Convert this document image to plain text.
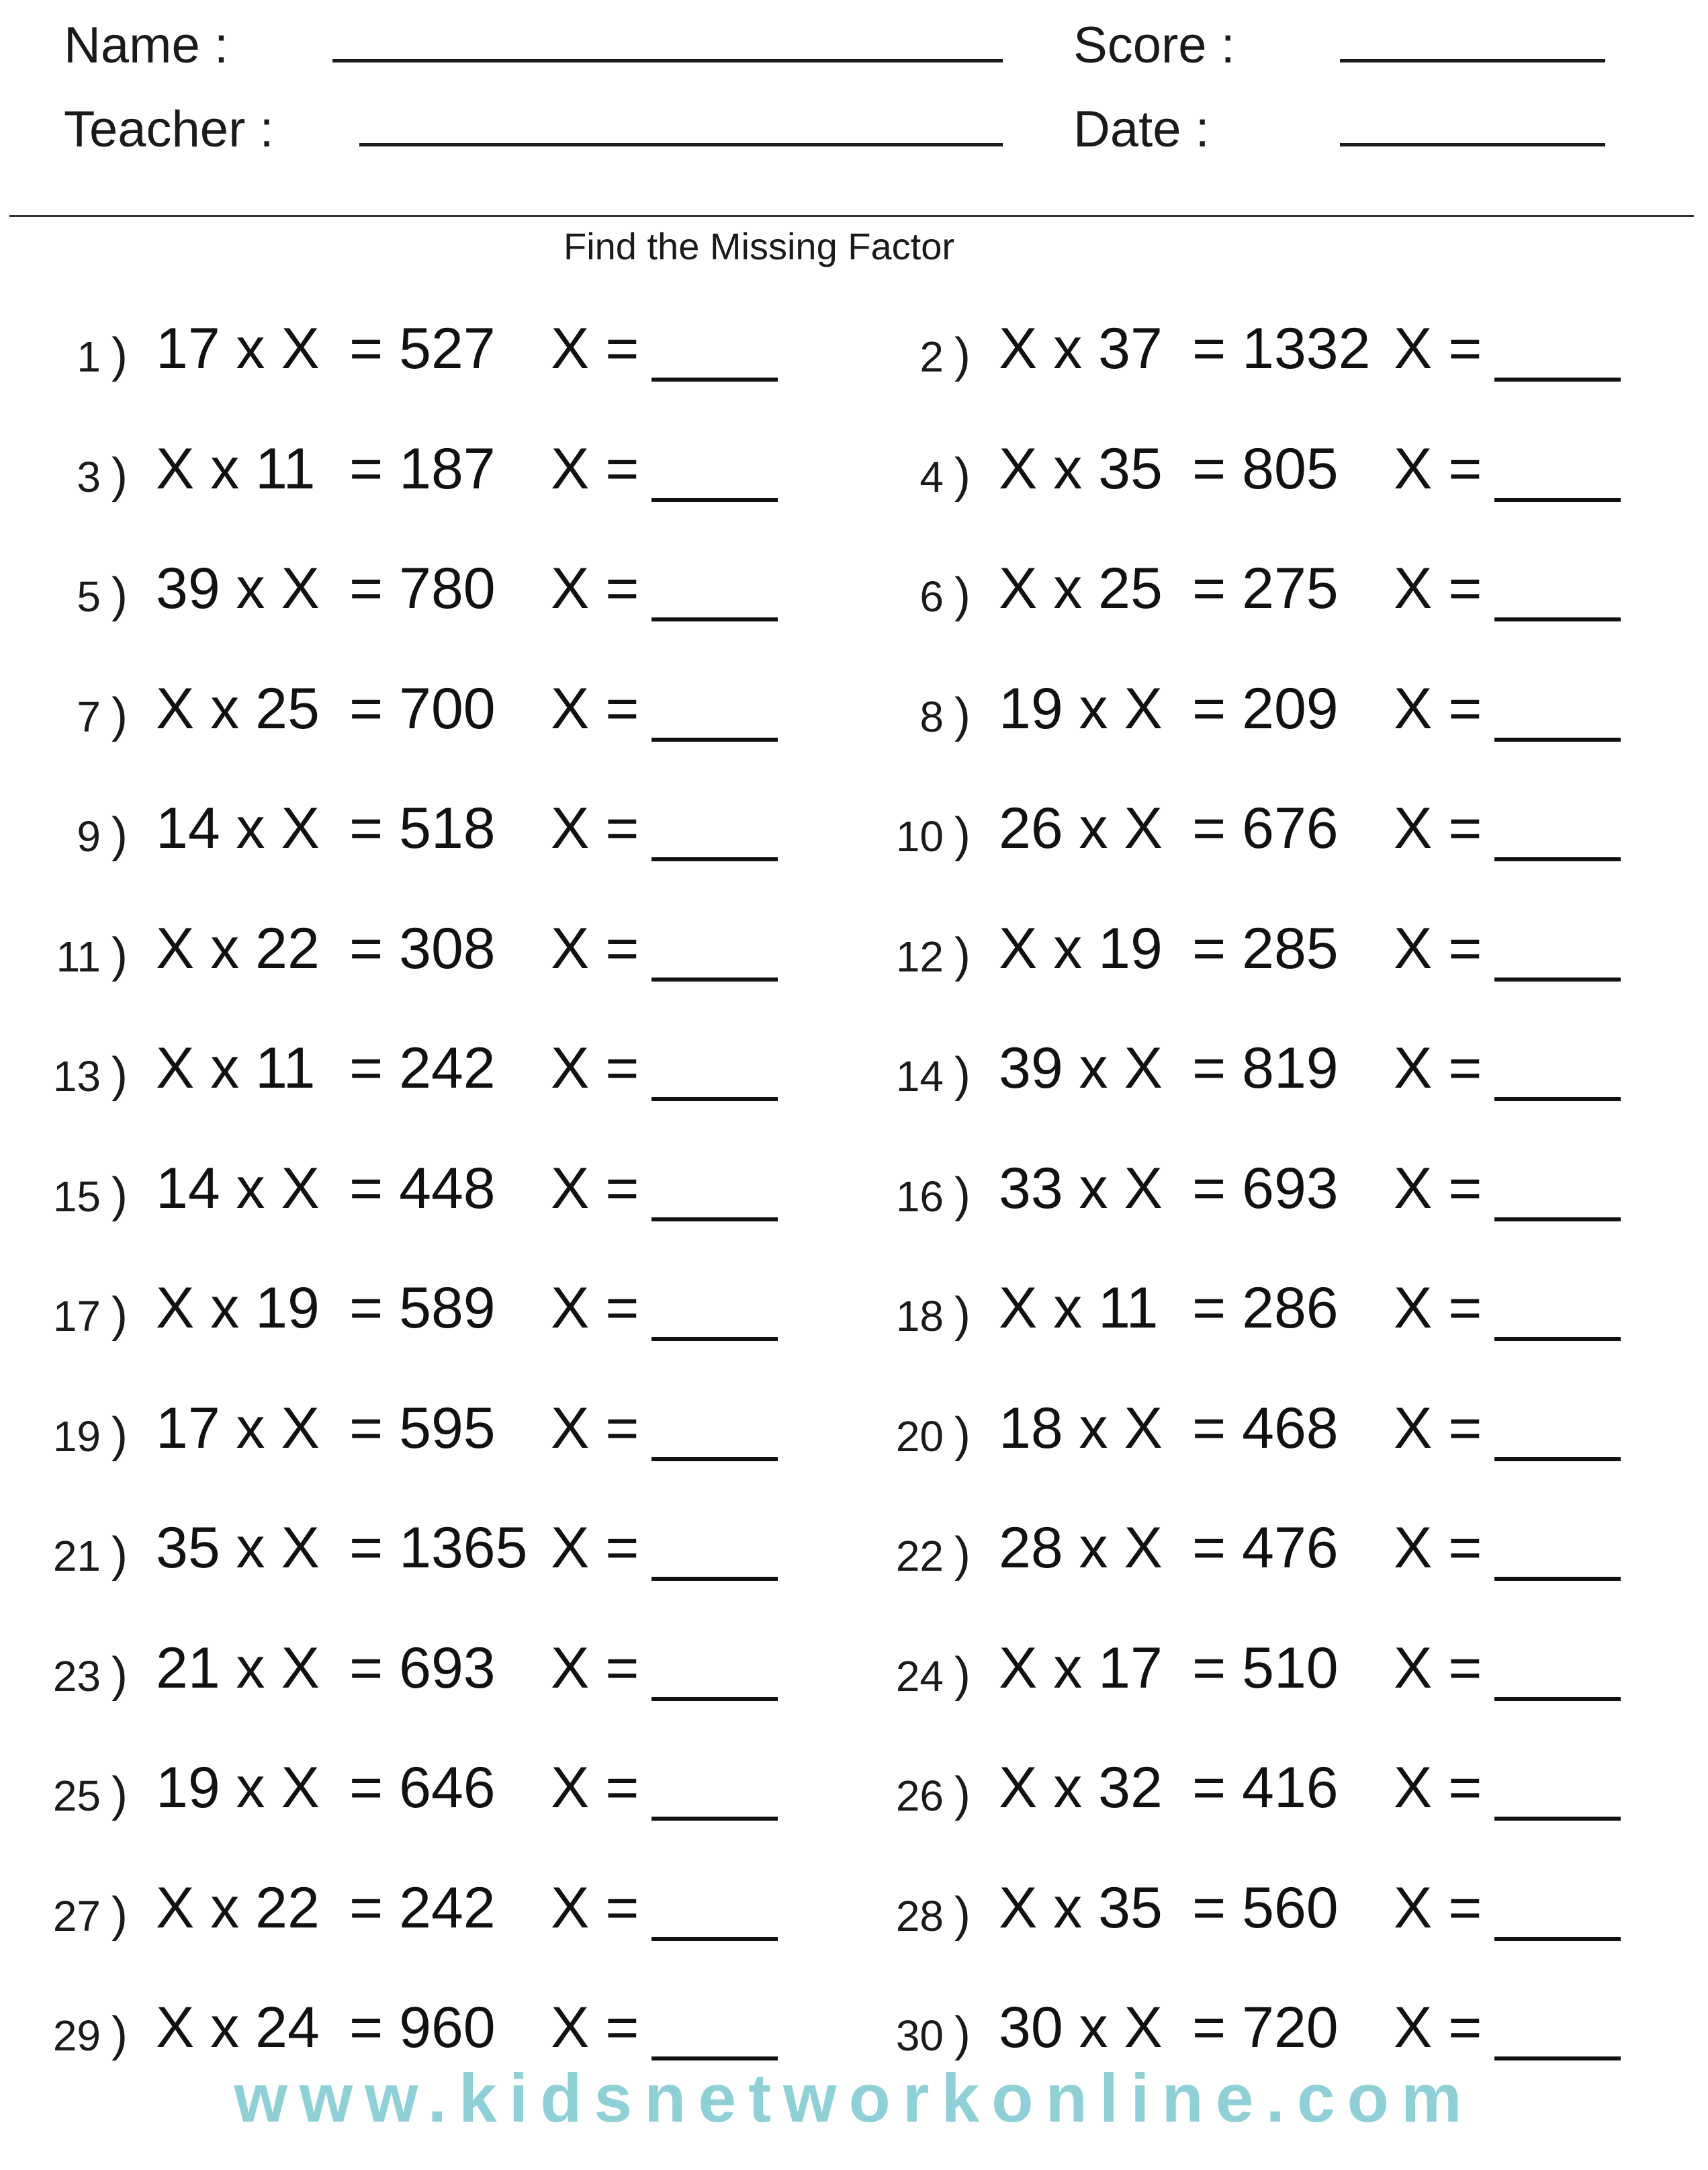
Name :
Teacher :
Score :
Date :
Find the Missing Factor
1 ) 17 x X = 527 X =	2 ) X x 37 = 1332 X =
3 ) X x 11 = 187 X =	4 ) X x 35 = 805 X =
5 ) 39 x X = 780 X =	6 ) X x 25 = 275 X =
7 ) X x 25 = 700 X =	8 ) 19 x X = 209 X =
9 ) 14 x X = 518 X =	10 ) 26 x X = 676 X =
11 ) X x 22 = 308 X =	12 ) X x 19 = 285 X =
13 ) X x 11 = 242 X =	14 ) 39 x X = 819 X =
15 ) 14 x X = 448 X =	16 ) 33 x X = 693 X =
17 ) X x 19 = 589 X =	18 ) X x 11 = 286 X =
19 ) 17 x X = 595 X =	20 ) 18 x X = 468 X =
21 ) 35 x X = 1365 X =	22 ) 28 x X = 476 X =
23 ) 21 x X = 693 X =	24 ) X x 17 = 510 X =
25 ) 19 x X = 646 X =	26 ) X x 32 = 416 X =
27 ) X x 22 = 242 X =	28 ) X x 35 = 560 X =
29 ) X x 24 = 960 X =	30 ) 30 x X = 720 X =
www.kidsnetworkonline.com
